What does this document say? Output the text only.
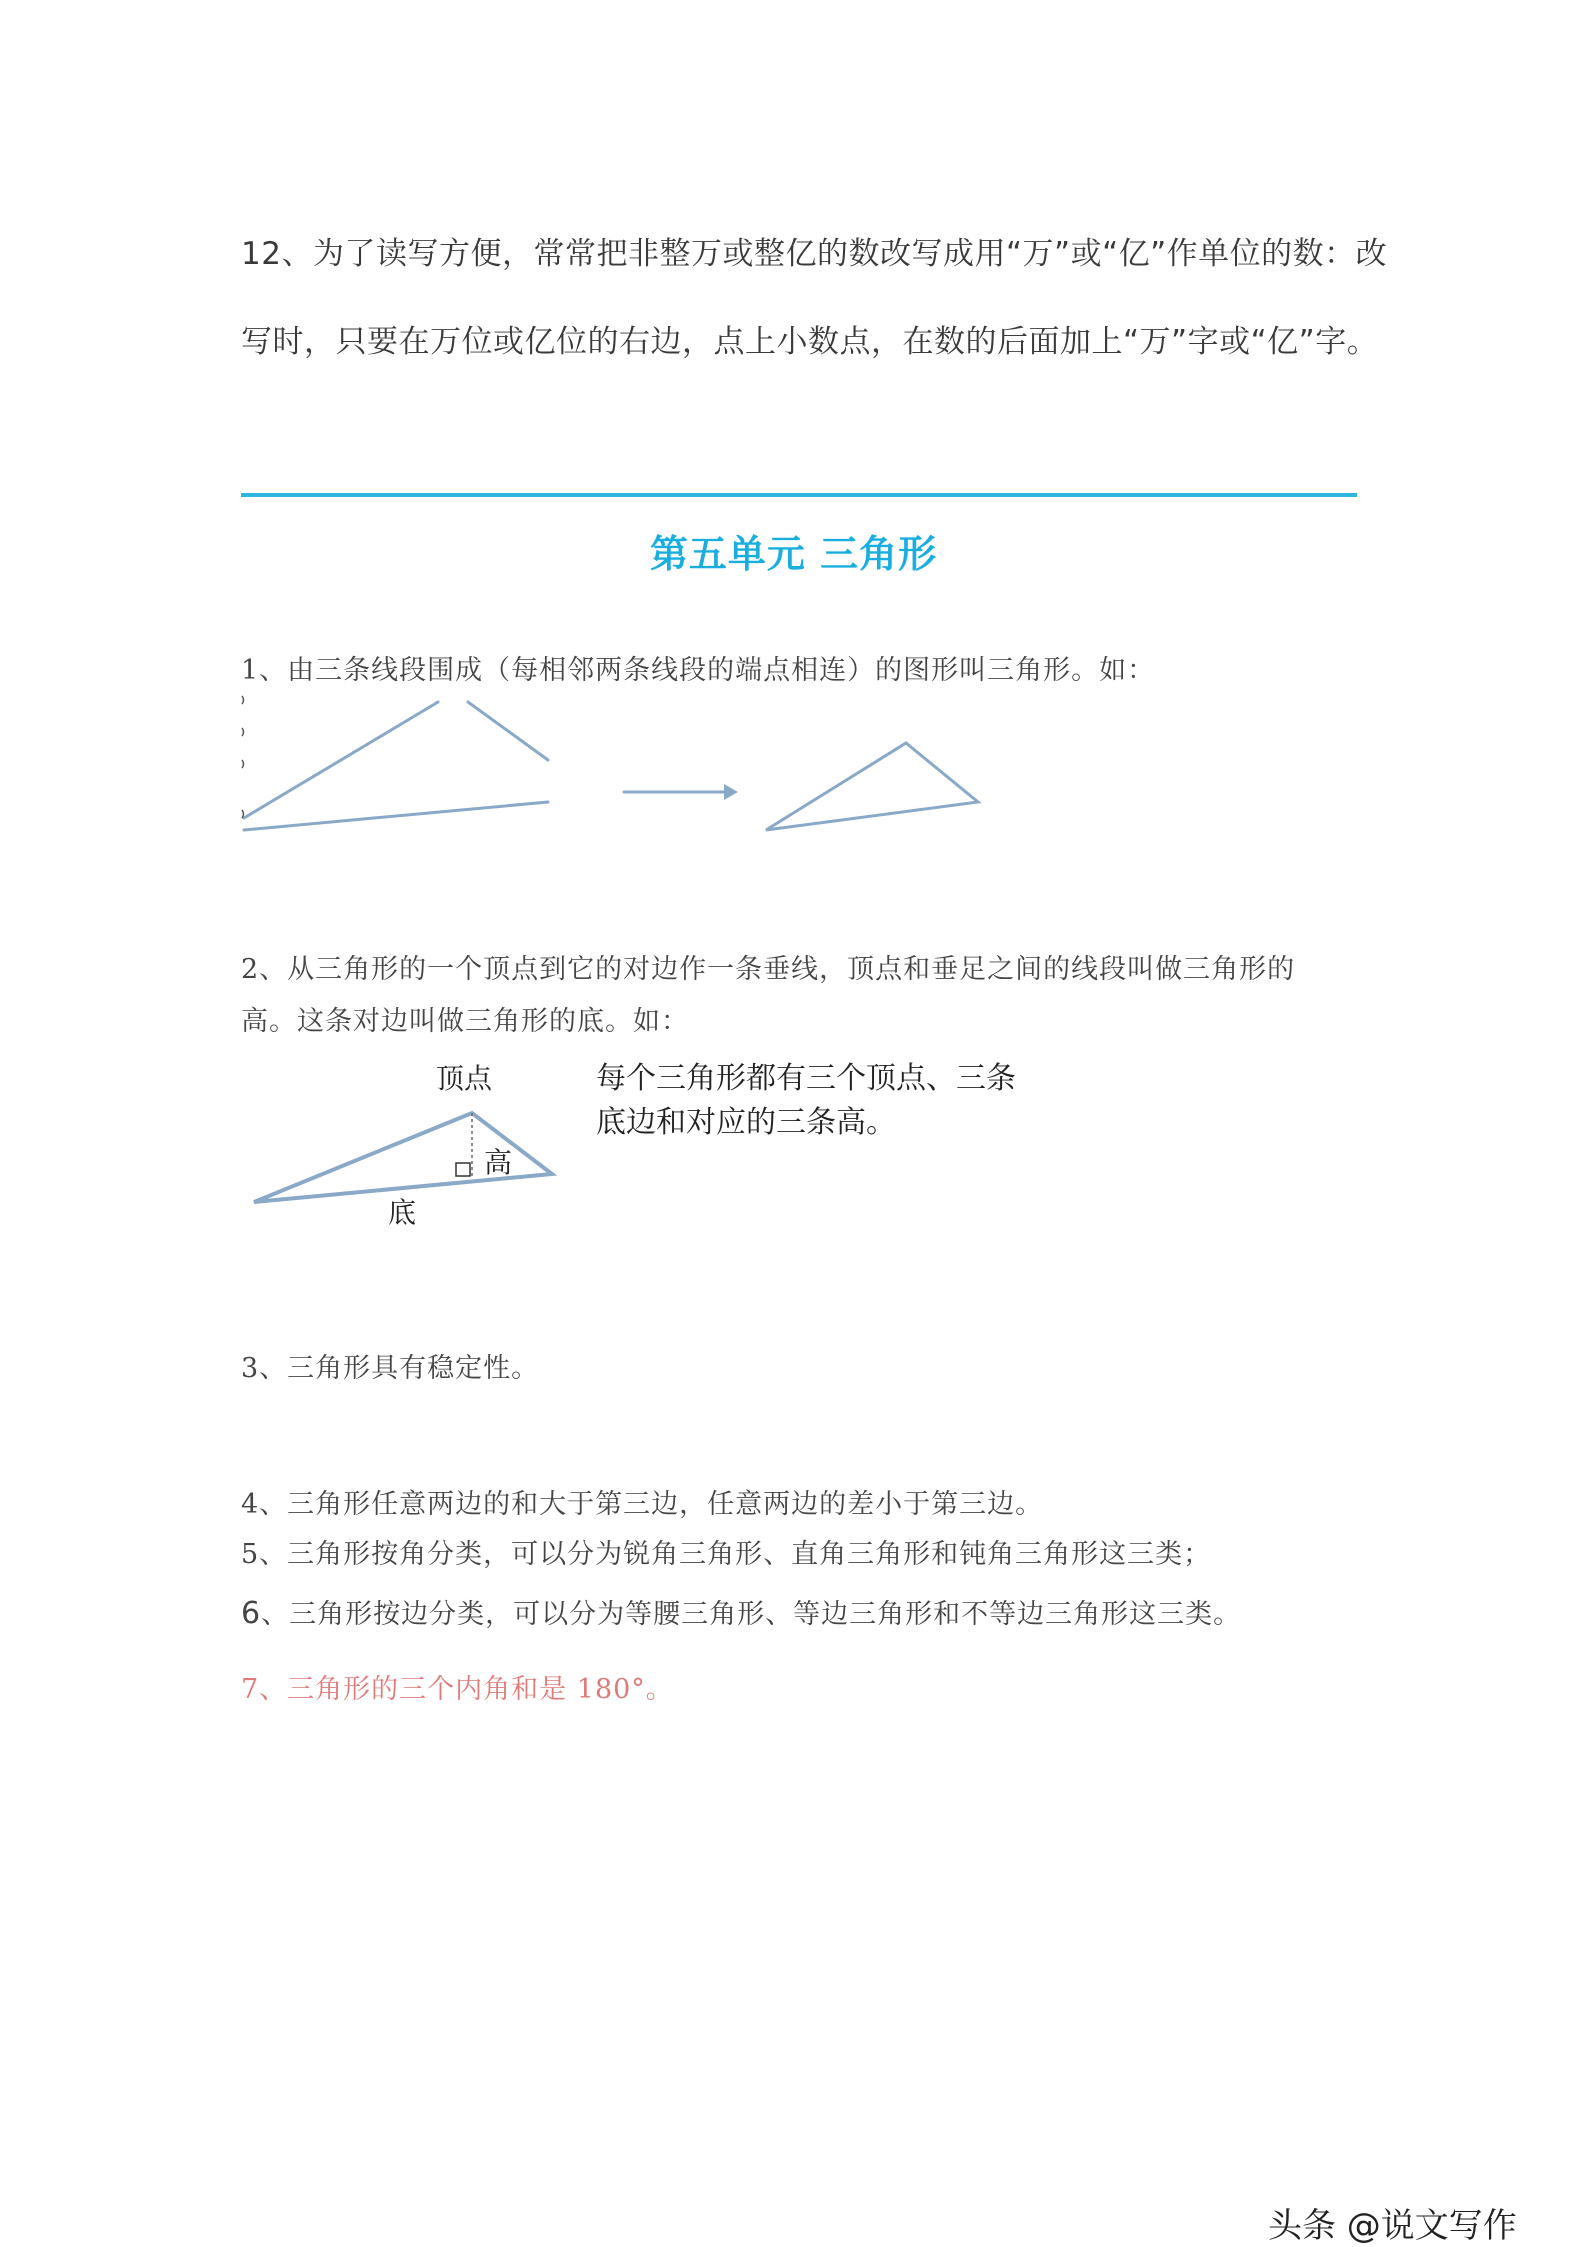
12、为了读写方便，常常把非整万或整亿的数改写成用“万”或“亿”作单位的数：改
写时，只要在万位或亿位的右边，点上小数点，在数的后面加上“万”字或“亿”字。
第五单元 三角形

1、由三条线段围成（每相邻两条线段的端点相连）的图形叫三角形。如：

2、从三角形的一个顶点到它的对边作一条垂线，顶点和垂足之间的线段叫做三角形的
高。这条对边叫做三角形的底。如：
顶点
高
底
每个三角形都有三个顶点、三条
底边和对应的三条高。

3、三角形具有稳定性。

4、三角形任意两边的和大于第三边，任意两边的差小于第三边。

5、三角形按角分类，可以分为锐角三角形、直角三角形和钝角三角形这三类；

6、三角形按边分类，可以分为等腰三角形、等边三角形和不等边三角形这三类。

7、三角形的三个内角和是 180°。

头条 @说文写作
